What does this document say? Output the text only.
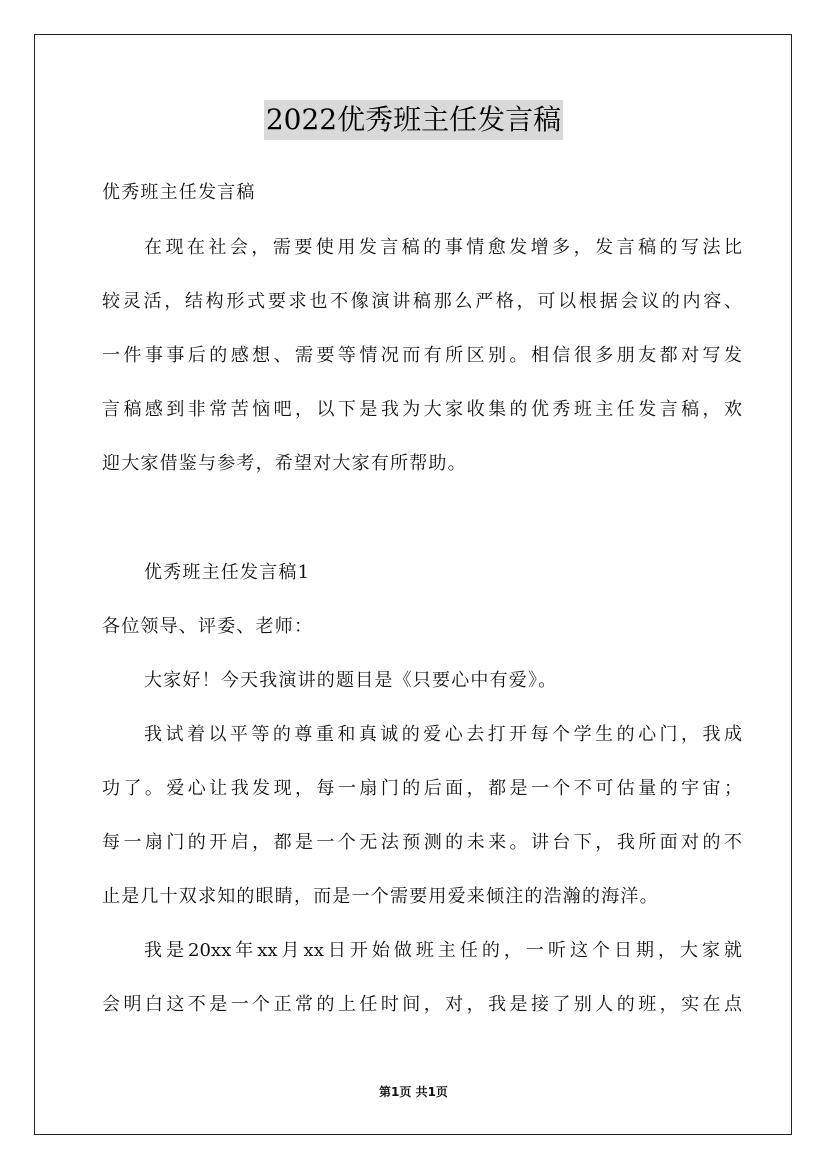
2022优秀班主任发言稿
优秀班主任发言稿
在现在社会，需要使用发言稿的事情愈发增多，发言稿的写法比
较灵活，结构形式要求也不像演讲稿那么严格，可以根据会议的内容、
一件事事后的感想、需要等情况而有所区别。相信很多朋友都对写发
言稿感到非常苦恼吧，以下是我为大家收集的优秀班主任发言稿，欢
迎大家借鉴与参考，希望对大家有所帮助。
优秀班主任发言稿1
各位领导、评委、老师：
大家好！今天我演讲的题目是《只要心中有爱》。
我试着以平等的尊重和真诚的爱心去打开每个学生的心门，我成
功了。爱心让我发现，每一扇门的后面，都是一个不可估量的宇宙；
每一扇门的开启，都是一个无法预测的未来。讲台下，我所面对的不
止是几十双求知的眼睛，而是一个需要用爱来倾注的浩瀚的海洋。
我是20xx年xx月xx日开始做班主任的，一听这个日期，大家就
会明白这不是一个正常的上任时间，对，我是接了别人的班，实在点
第1页 共1页
